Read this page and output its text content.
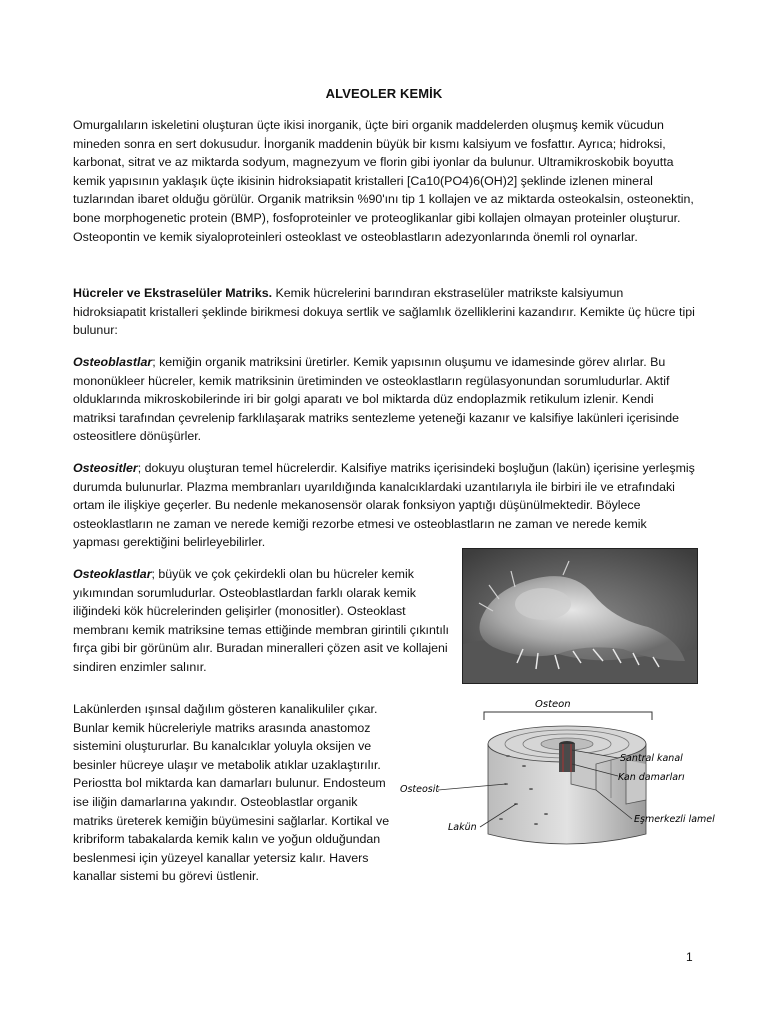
ALVEOLER KEMİK

Omurgalıların iskeletini oluşturan üçte ikisi inorganik, üçte biri organik maddelerden oluşmuş kemik vücudun mineden sonra en sert dokusudur. İnorganik maddenin büyük bir kısmı kalsiyum ve fosfattır. Ayrıca; hidroksi, karbonat, sitrat ve az miktarda sodyum, magnezyum ve florin gibi iyonlar da bulunur. Ultramikroskobik boyutta kemik yapısının yaklaşık üçte ikisinin hidroksiapatit kristalleri [Ca10(PO4)6(OH)2] şeklinde izlenen mineral tuzlarından ibaret olduğu görülür. Organik matriksin %90'ını tip 1 kollajen ve az miktarda osteokalsin, osteonektin, bone morphogenetic protein (BMP), fosfoproteinler ve proteoglikanlar gibi kollajen olmayan proteinler oluşturur. Osteopontin ve kemik siyaloproteinleri osteoklast ve osteoblastların adezyonlarında önemli rol oynarlar.

Hücreler ve Ekstraselüler Matriks. Kemik hücrelerini barındıran ekstraselüler matrikste kalsiyumun hidroksiapatit kristalleri şeklinde birikmesi dokuya sertlik ve sağlamlık özelliklerini kazandırır. Kemikte üç hücre tipi bulunur:

Osteoblastlar; kemiğin organik matriksini üretirler. Kemik yapısının oluşumu ve idamesinde görev alırlar. Bu mononükleer hücreler, kemik matriksinin üretiminden ve osteoklastların regülasyonundan sorumludurlar. Aktif olduklarında mikroskobilerinde iri bir golgi aparatı ve bol miktarda düz endoplazmik retikulum izlenir. Kendi matriksi tarafından çevrelenip farklılaşarak matriks sentezleme yeteneği kazanır ve kalsifiye lakünleri içerisinde osteositlere dönüşürler.

Osteositler; dokuyu oluşturan temel hücrelerdir. Kalsifiye matriks içerisindeki boşluğun (lakün) içerisine yerleşmiş durumda bulunurlar. Plazma membranları uyarıldığında kanalcıklardaki uzantılarıyla ile birbiri ile ve etrafındaki ortam ile ilişkiye geçerler. Bu nedenle mekanosensör olarak fonksiyon yaptığı düşünülmektedir. Böylece osteoklastların ne zaman ve nerede kemiği rezorbe etmesi ve osteoblastların ne zaman ve nerede kemik yapması gerektiğini belirleyebilirler.

Osteoklastlar; büyük ve çok çekirdekli olan bu hücreler kemik yıkımından sorumludurlar. Osteoblastlardan farklı olarak kemik iliğindeki kök hücrelerinden gelişirler (monositler). Osteoklast membranı kemik matriksine temas ettiğinde membran girintili çıkıntılı fırça gibi bir görünüm alır. Buradan mineralleri çözen asit ve kollajeni sindiren enzimler salınır.

Lakünlerden ışınsal dağılım gösteren kanalikuliler çıkar. Bunlar kemik hücreleriyle matriks arasında anastomoz sistemini oluştururlar. Bu kanalcıklar yoluyla oksijen ve besinler hücreye ulaşır ve metabolik atıklar uzaklaştırılır. Periostta bol miktarda kan damarları bulunur. Endosteum ise iliğin damarlarına yakındır. Osteoblastlar organik matriks üreterek kemiğin büyümesini sağlarlar. Kortikal ve kribriform tabakalarda kemik kalın ve yoğun olduğundan beslenmesi için yüzeyel kanallar yetersiz kalır. Havers kanallar sistemi bu görevi üstlenir.

Osteon
Santral kanal
Kan damarları
Osteosit
Eşmerkezli lamel
Lakün
1
